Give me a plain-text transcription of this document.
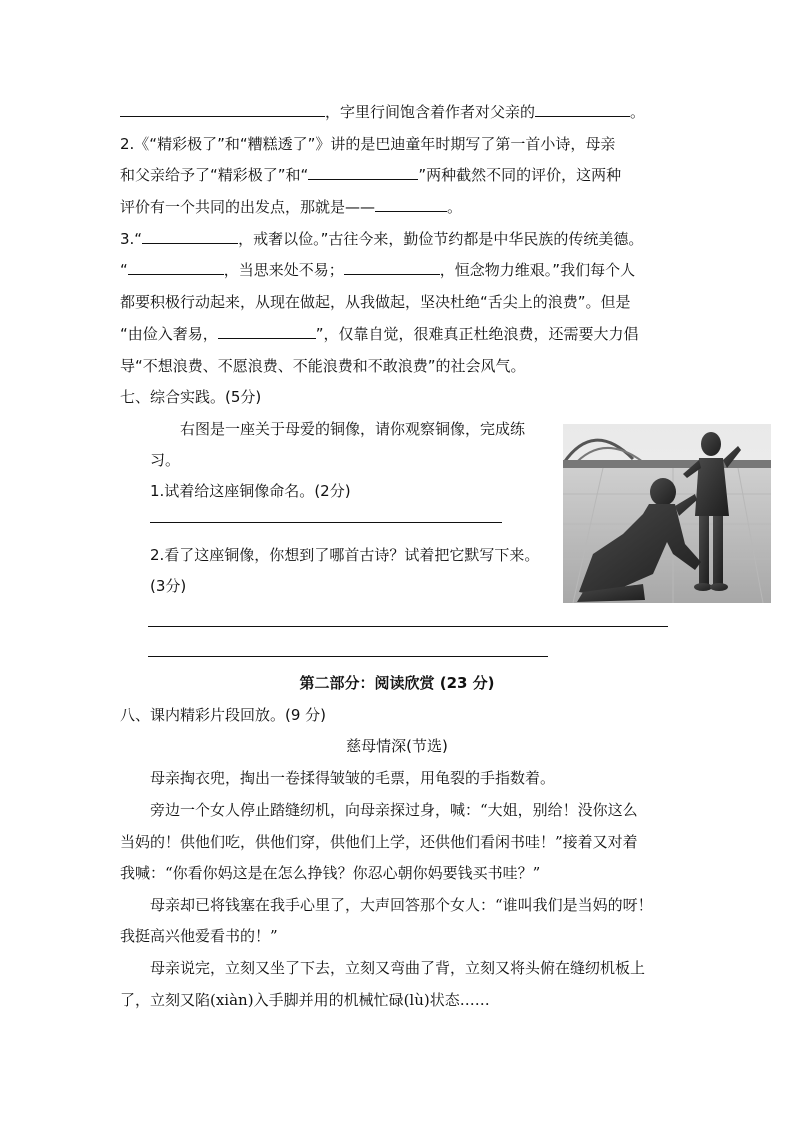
，字里行间饱含着作者对父亲的	。
2.《“精彩极了”和“糟糕透了”》讲的是巴迪童年时期写了第一首小诗，母亲
和父亲给予了“精彩极了”和“	”两种截然不同的评价，这两种
评价有一个共同的出发点，那就是——	。
3.“	，戒奢以俭。”古往今来，勤俭节约都是中华民族的传统美德。
“	，当思来处不易；	，恒念物力维艰。”我们每个人
都要积极行动起来，从现在做起，从我做起，坚决杜绝“舌尖上的浪费”。但是
“由俭入奢易，	”，仅靠自觉，很难真正杜绝浪费，还需要大力倡
导“不想浪费、不愿浪费、不能浪费和不敢浪费”的社会风气。
七、综合实践。(5分)
右图是一座关于母爱的铜像，请你观察铜像，完成练
习。
1.试着给这座铜像命名。(2分)
2.看了这座铜像，你想到了哪首古诗？试着把它默写下来。
(3分)
第二部分：阅读欣赏 (23 分)
八、课内精彩片段回放。(9 分)
慈母情深(节选)
母亲掏衣兜，掏出一卷揉得皱皱的毛票，用龟裂的手指数着。
旁边一个女人停止踏缝纫机，向母亲探过身，喊：“大姐，别给！没你这么
当妈的！供他们吃，供他们穿，供他们上学，还供他们看闲书哇！”接着又对着
我喊：“你看你妈这是在怎么挣钱？你忍心朝你妈要钱买书哇？”
母亲却已将钱塞在我手心里了，大声回答那个女人：“谁叫我们是当妈的呀！
我挺高兴他爱看书的！”
母亲说完，立刻又坐了下去，立刻又弯曲了背，立刻又将头俯在缝纫机板上
了，立刻又陷(xiàn)入手脚并用的机械忙碌(lù)状态……
